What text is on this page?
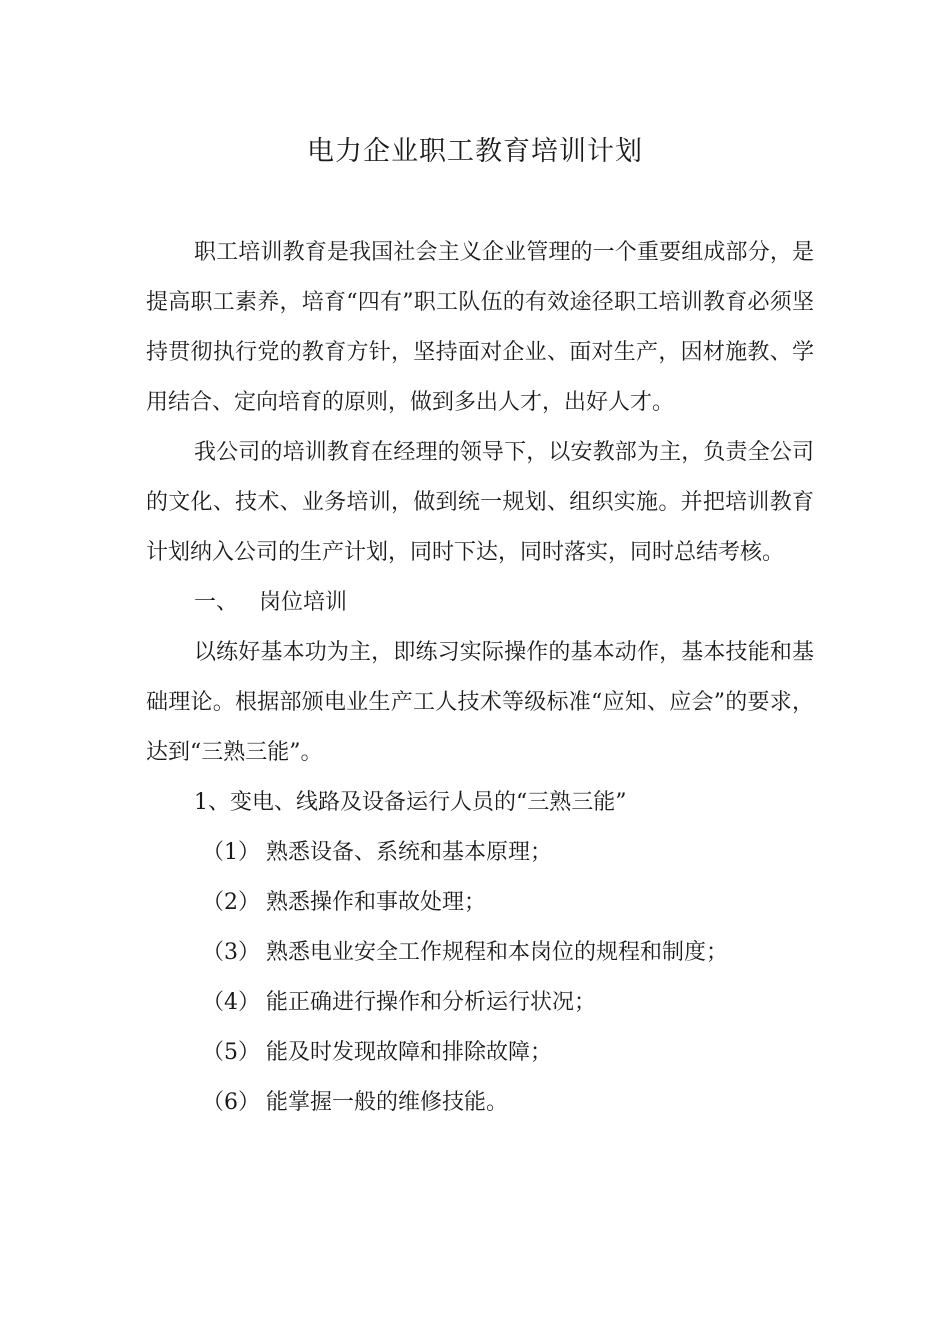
电力企业职工教育培训计划

职工培训教育是我国社会主义企业管理的一个重要组成部分，是提高职工素养，培育“四有”职工队伍的有效途径职工培训教育必须坚持贯彻执行党的教育方针，坚持面对企业、面对生产，因材施教、学用结合、定向培育的原则，做到多出人才，出好人才。

我公司的培训教育在经理的领导下，以安教部为主，负责全公司的文化、技术、业务培训，做到统一规划、组织实施。并把培训教育计划纳入公司的生产计划，同时下达，同时落实，同时总结考核。

一、 岗位培训

以练好基本功为主，即练习实际操作的基本动作，基本技能和基础理论。根据部颁电业生产工人技术等级标准“应知、应会”的要求，达到“三熟三能”。

1、变电、线路及设备运行人员的“三熟三能”

（1） 熟悉设备、系统和基本原理；

（2） 熟悉操作和事故处理；

（3） 熟悉电业安全工作规程和本岗位的规程和制度；

（4） 能正确进行操作和分析运行状况；

（5） 能及时发现故障和排除故障；

（6） 能掌握一般的维修技能。
